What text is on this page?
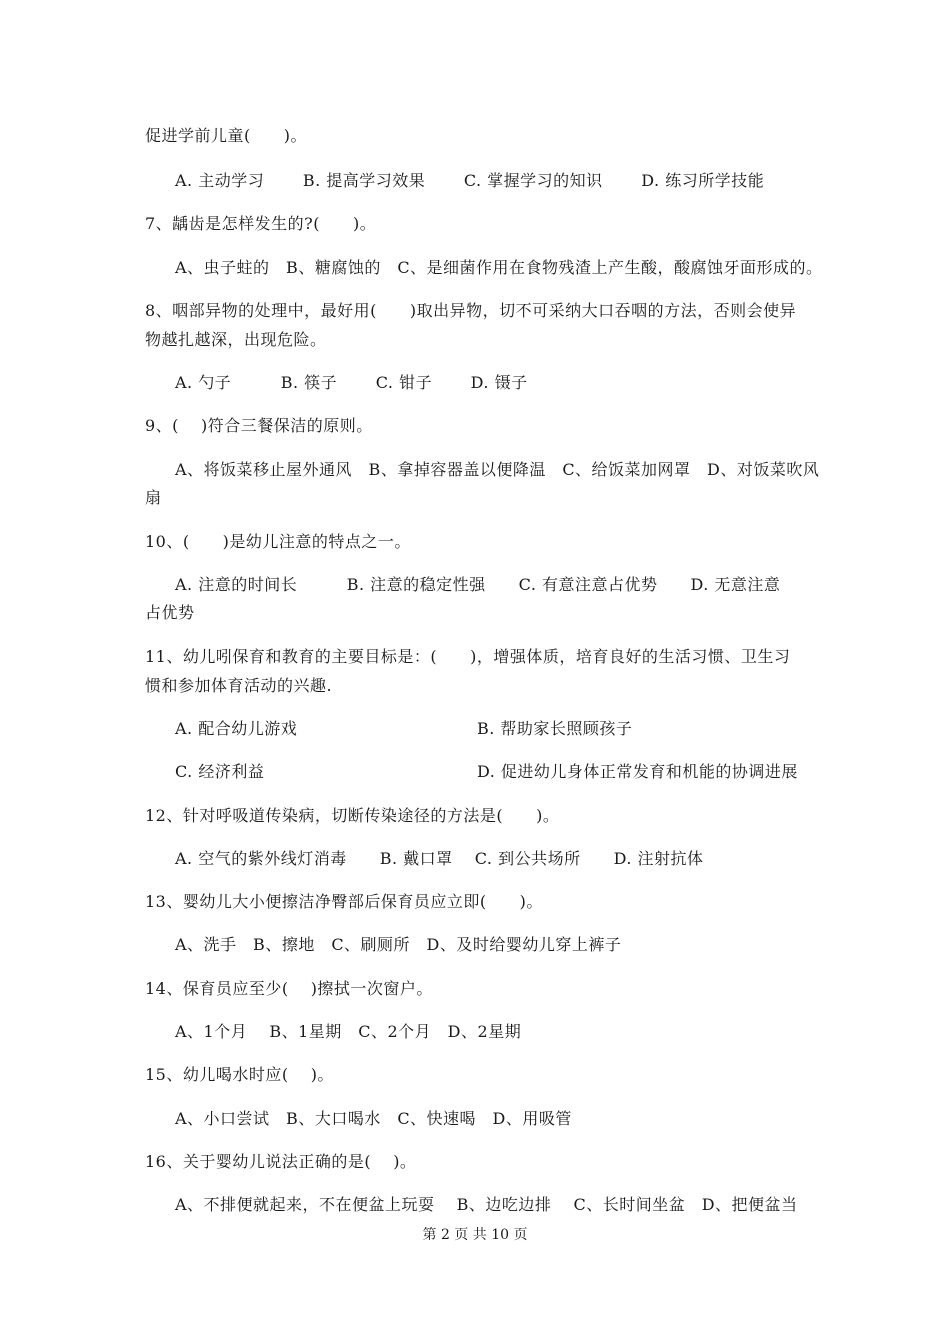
促进学前儿童(　　)。
A. 主动学习　　 B. 提高学习效果　　 C. 掌握学习的知识　　 D. 练习所学技能
7、龋齿是怎样发生的?(　　)。
A、虫子蛀的　B、糖腐蚀的　C、是细菌作用在食物残渣上产生酸，酸腐蚀牙面形成的。
8、咽部异物的处理中，最好用(　　)取出异物，切不可采纳大口吞咽的方法，否则会使异
物越扎越深，出现危险。
A. 勺子　　　B. 筷子　　 C. 钳子　　 D. 镊子
9、(　 )符合三餐保洁的原则。
A、将饭菜移止屋外通风　B、拿掉容器盖以便降温　C、给饭菜加网罩　D、对饭菜吹风
扇
10、(　　)是幼儿注意的特点之一。
A. 注意的时间长　　　B. 注意的稳定性强　　C. 有意注意占优势　　D. 无意注意
占优势
11、幼儿吲保育和教育的主要目标是：(　　)，增强体质，培育良好的生活习惯、卫生习
惯和参加体育活动的兴趣.
A. 配合幼儿游戏	B. 帮助家长照顾孩子
C. 经济利益	D. 促进幼儿身体正常发育和机能的协调进展
12、针对呼吸道传染病，切断传染途径的方法是(　　)。
A. 空气的紫外线灯消毒　　B. 戴口罩　 C. 到公共场所　　D. 注射抗体
13、婴幼儿大小便擦洁净臀部后保育员应立即(　　)。
A、洗手　B、擦地　C、刷厕所　D、及时给婴幼儿穿上裤子
14、保育员应至少(　 )擦拭一次窗户。
A、1个月　 B、1星期　C、2个月　D、2星期
15、幼儿喝水时应(　 )。
A、小口尝试　B、大口喝水　C、快速喝　D、用吸管
16、关于婴幼儿说法正确的是(　 )。
A、不排便就起来，不在便盆上玩耍　 B、边吃边排　 C、长时间坐盆　D、把便盆当
第 2 页 共 10 页
